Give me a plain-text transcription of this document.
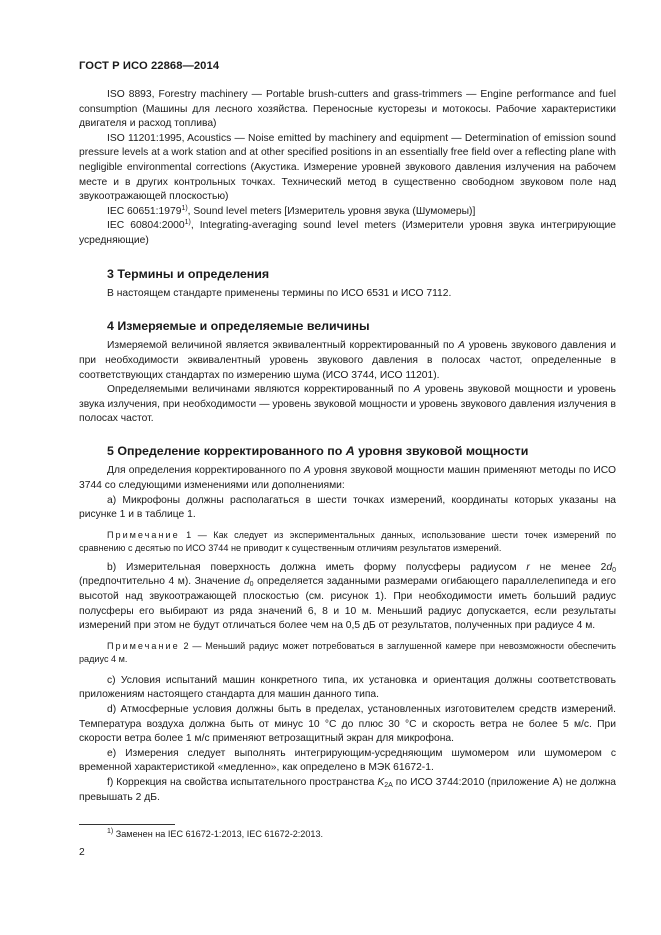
ГОСТ Р ИСО 22868—2014

ISO 8893, Forestry machinery — Portable brush-cutters and grass-trimmers — Engine performance and fuel consumption (Машины для лесного хозяйства. Переносные кусторезы и мотокосы. Рабочие характеристики двигателя и расход топлива)

ISO 11201:1995, Acoustics — Noise emitted by machinery and equipment — Determination of emission sound pressure levels at a work station and at other specified positions in an essentially free field over a reflecting plane with negligible environmental corrections (Акустика. Измерение уровней звукового давления излучения на рабочем месте и в других контрольных точках. Технический метод в существенно свободном звуковом поле над звукоотражающей плоскостью)

IEC 60651:1979$^{1)}$, Sound level meters [Измеритель уровня звука (Шумомеры)]

IEC 60804:2000$^{1)}$, Integrating-averaging sound level meters (Измерители уровня звука интегрирующие усредняющие)

3 Термины и определения

В настоящем стандарте применены термины по ИСО 6531 и ИСО 7112.

4 Измеряемые и определяемые величины

Измеряемой величиной является эквивалентный корректированный по A уровень звукового давления и при необходимости эквивалентный уровень звукового давления в полосах частот, определенные в соответствующих стандартах по измерению шума (ИСО 3744, ИСО 11201).

Определяемыми величинами являются корректированный по A уровень звуковой мощности и уровень звука излучения, при необходимости — уровень звуковой мощности и уровень звукового давления излучения в полосах частот.

5 Определение корректированного по A уровня звуковой мощности

Для определения корректированного по A уровня звуковой мощности машин применяют методы по ИСО 3744 со следующими изменениями или дополнениями:

a) Микрофоны должны располагаться в шести точках измерений, координаты которых указаны на рисунке 1 и в таблице 1.

Примечание 1 — Как следует из экспериментальных данных, использование шести точек измерений по сравнению с десятью по ИСО 3744 не приводит к существенным отличиям результатов измерений.

b) Измерительная поверхность должна иметь форму полусферы радиусом r не менее $2d_0$ (предпочтительно 4 м). Значение $d_0$ определяется заданными размерами огибающего параллелепипеда и его высотой над звукоотражающей плоскостью (см. рисунок 1). При необходимости иметь больший радиус полусферы его выбирают из ряда значений 6, 8 и 10 м. Меньший радиус допускается, если результаты измерений при этом не будут отличаться более чем на 0,5 дБ от результатов, полученных при радиусе 4 м.

Примечание 2 — Меньший радиус может потребоваться в заглушенной камере при невозможности обеспечить радиус 4 м.

c) Условия испытаний машин конкретного типа, их установка и ориентация должны соответствовать приложениям настоящего стандарта для машин данного типа.

d) Атмосферные условия должны быть в пределах, установленных изготовителем средств измерений. Температура воздуха должна быть от минус 10 °C до плюс 30 °C и скорость ветра не более 5 м/с. При скорости ветра более 1 м/с применяют ветрозащитный экран для микрофона.

e) Измерения следует выполнять интегрирующим-усредняющим шумомером или шумомером с временной характеристикой «медленно», как определено в МЭК 61672-1.

f) Коррекция на свойства испытательного пространства $K_{2A}$ по ИСО 3744:2010 (приложение А) не должна превышать 2 дБ.

$^{1)}$ Заменен на IEC 61672-1:2013, IEC 61672-2:2013.
2
